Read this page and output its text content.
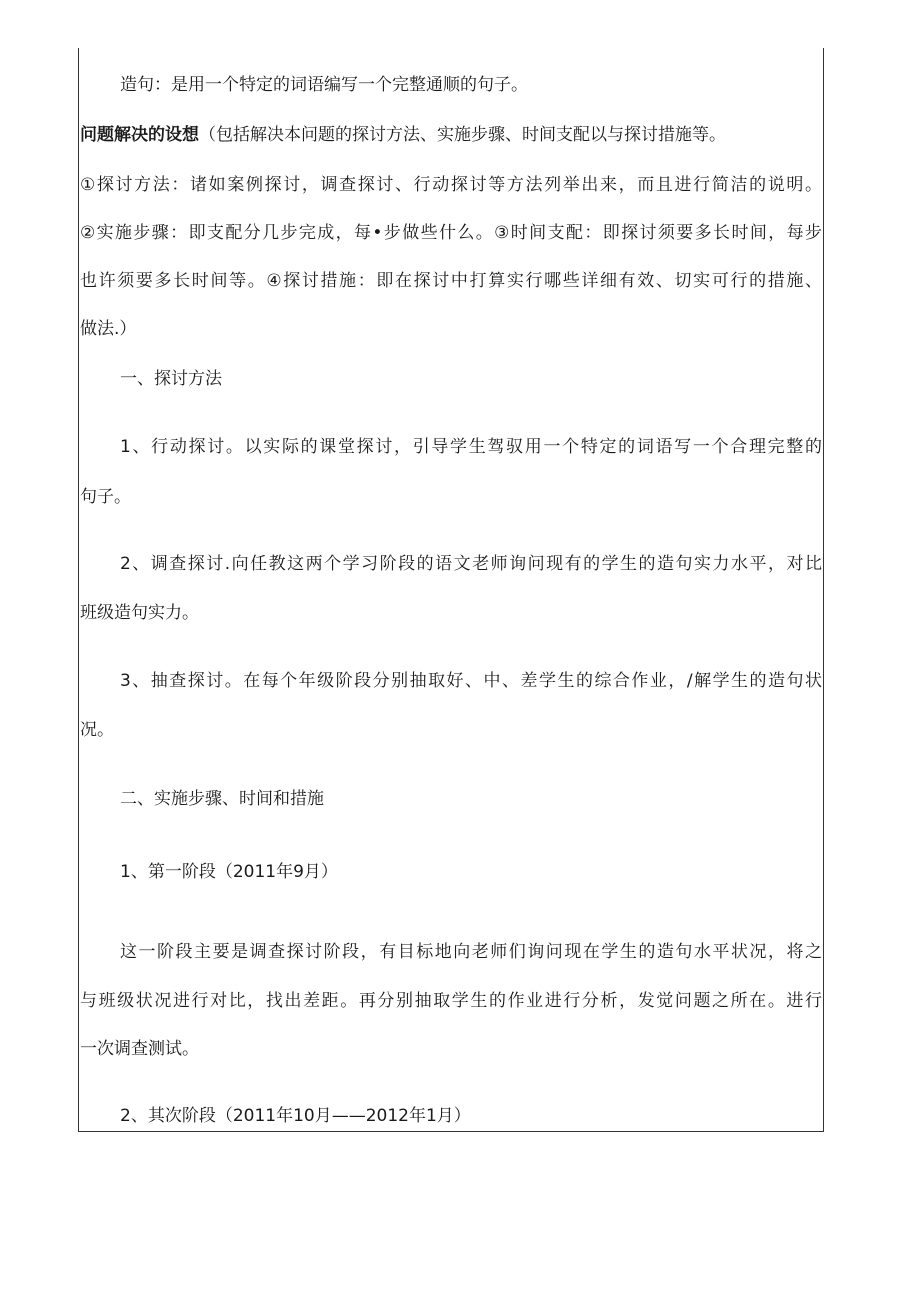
造句：是用一个特定的词语编写一个完整通顺的句子。
问题解决的设想（包括解决本问题的探讨方法、实施步骤、时间支配以与探讨措施等。
①探讨方法：诸如案例探讨，调查探讨、行动探讨等方法列举出来，而且进行简洁的说明。
②实施步骤：即支配分几步完成，每•步做些什么。③时间支配：即探讨须要多长时间，每步
也许须要多长时间等。④探讨措施：即在探讨中打算实行哪些详细有效、切实可行的措施、
做法.）
一、探讨方法
1、行动探讨。以实际的课堂探讨，引导学生驾驭用一个特定的词语写一个合理完整的
句子。
2、调查探讨.向任教这两个学习阶段的语文老师询问现有的学生的造句实力水平，对比
班级造句实力。
3、抽查探讨。在每个年级阶段分别抽取好、中、差学生的综合作业，/解学生的造句状
况。
二、实施步骤、时间和措施
1、第一阶段（2011年9月）
这一阶段主要是调查探讨阶段，有目标地向老师们询问现在学生的造句水平状况，将之
与班级状况进行对比，找出差距。再分别抽取学生的作业进行分析，发觉问题之所在。进行
一次调查测试。
2、其次阶段（2011年10月——2012年1月）
